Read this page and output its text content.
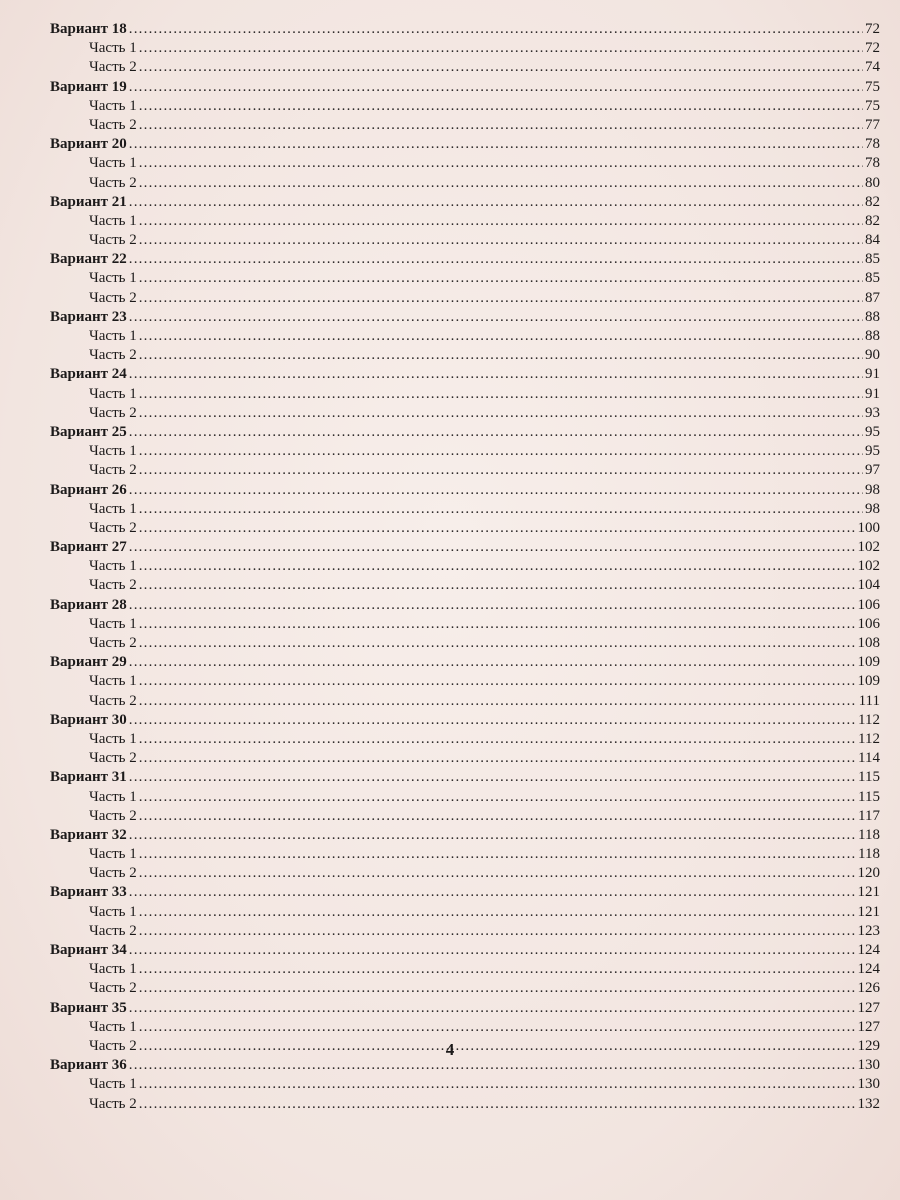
Вариант 18 .....	72
Часть 1 .....	72
Часть 2 .....	74
Вариант 19 .....	75
Часть 1 .....	75
Часть 2 .....	77
Вариант 20 .....	78
Часть 1 .....	78
Часть 2 .....	80
Вариант 21 .....	82
Часть 1 .....	82
Часть 2 .....	84
Вариант 22 .....	85
Часть 1 .....	85
Часть 2 .....	87
Вариант 23 .....	88
Часть 1 .....	88
Часть 2 .....	90
Вариант 24 .....	91
Часть 1 .....	91
Часть 2 .....	93
Вариант 25 .....	95
Часть 1 .....	95
Часть 2 .....	97
Вариант 26 .....	98
Часть 1 .....	98
Часть 2 .....	100
Вариант 27 .....	102
Часть 1 .....	102
Часть 2 .....	104
Вариант 28 .....	106
Часть 1 .....	106
Часть 2 .....	108
Вариант 29 .....	109
Часть 1 .....	109
Часть 2 .....	111
Вариант 30 .....	112
Часть 1 .....	112
Часть 2 .....	114
Вариант 31 .....	115
Часть 1 .....	115
Часть 2 .....	117
Вариант 32 .....	118
Часть 1 .....	118
Часть 2 .....	120
Вариант 33 .....	121
Часть 1 .....	121
Часть 2 .....	123
Вариант 34 .....	124
Часть 1 .....	124
Часть 2 .....	126
Вариант 35 .....	127
Часть 1 .....	127
Часть 2 .....	129
Вариант 36 .....	130
Часть 1 .....	130
Часть 2 .....	132
4
